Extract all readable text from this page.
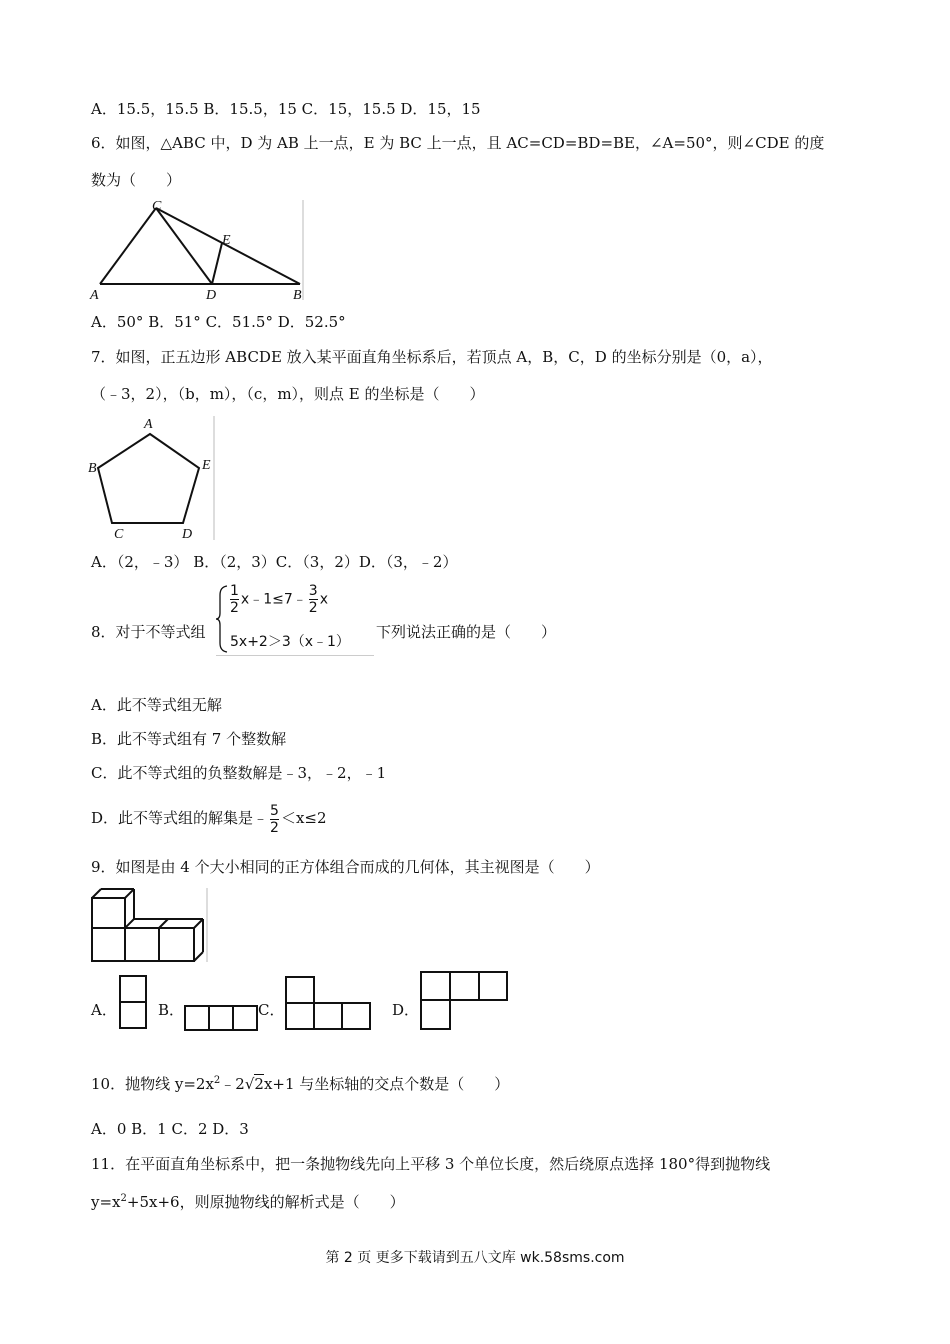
A．15.5，15.5 B．15.5，15 C．15，15.5 D．15，15
6．如图，△ABC 中，D 为 AB 上一点，E 为 BC 上一点，且 AC=CD=BD=BE，∠A=50°，则∠CDE 的度
数为（　　）
A
C
E
D	B
A．50° B．51° C．51.5° D．52.5°
7．如图，正五边形 ABCDE 放入某平面直角坐标系后，若顶点 A，B，C，D 的坐标分别是（0，a），
（﹣3，2），（b，m），（c，m），则点 E 的坐标是（　　）
A
B	E
C	D
A．（2，﹣3） B．（2，3）C．（3，2）D．（3，﹣2）
8．对于不等式组
$\frac{1}{2}$ x﹣1≤7﹣ $\frac{3}{2}$ x
5x+2＞3（x﹣1）
下列说法正确的是（　　）
A．此不等式组无解
B．此不等式组有 7 个整数解
C．此不等式组的负整数解是﹣3，﹣2，﹣1
D．此不等式组的解集是﹣ $\frac{5}{2} <x\le 2$
9．如图是由 4 个大小相同的正方体组合而成的几何体，其主视图是（　　）
A．	B．	C．	D．
10．抛物线 $y=2x^2﹣2√2x+1$ 与坐标轴的交点个数是（　　）
A．0 B．1 C．2 D．3
11．在平面直角坐标系中，把一条抛物线先向上平移 3 个单位长度，然后绕原点选择 180°得到抛物线
$y=x^2+5x+6$，则原抛物线的解析式是（　　）
第 2 页 更多下载请到五八文库 wk.58sms.com
